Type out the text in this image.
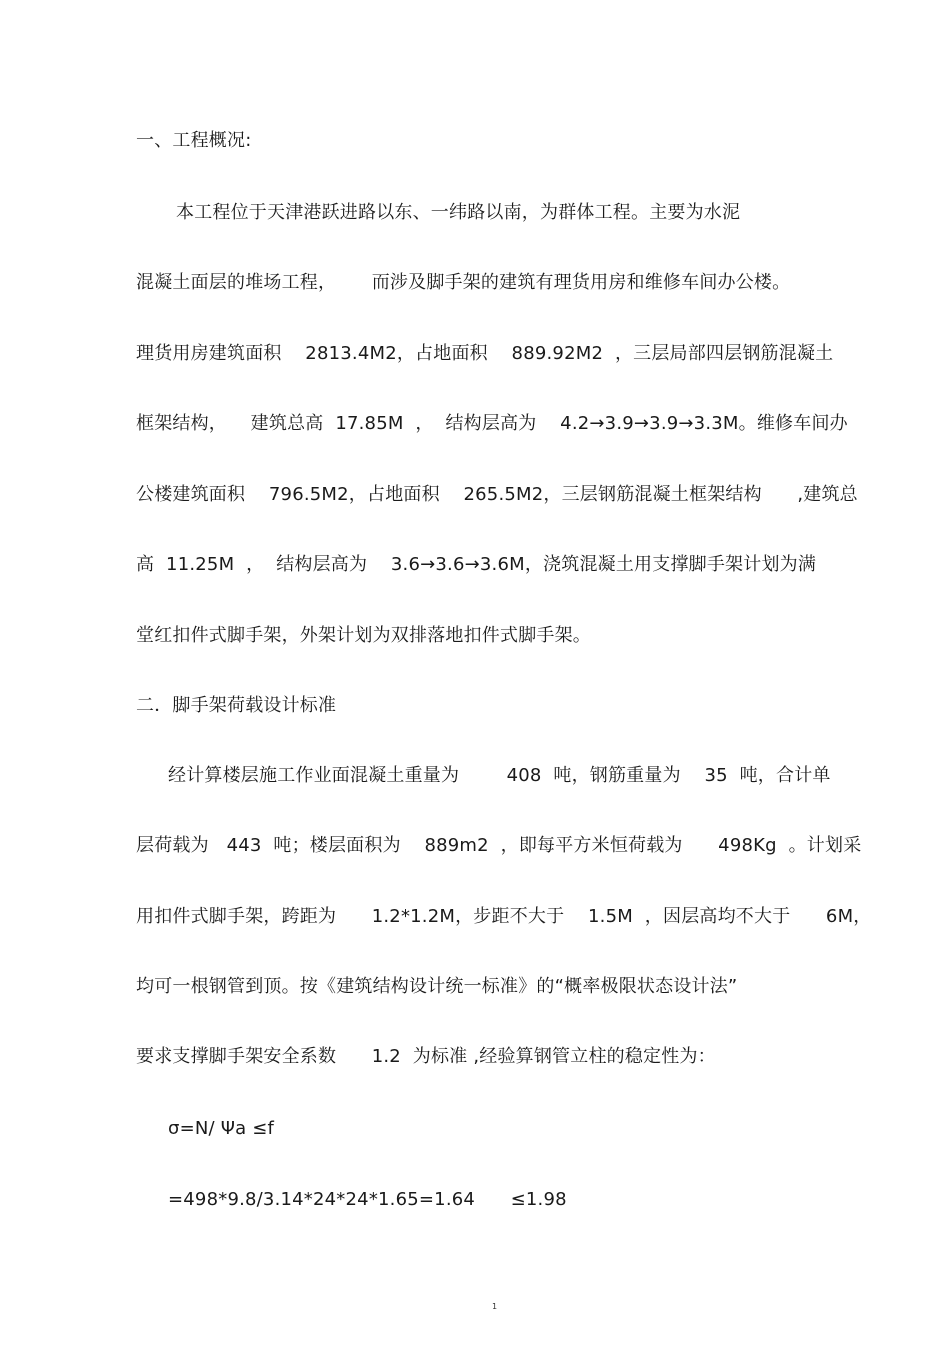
一、工程概况:
本工程位于天津港跃进路以东、一纬路以南，为群体工程。主要为水泥
混凝土面层的堆场工程，      而涉及脚手架的建筑有理货用房和维修车间办公楼。
理货用房建筑面积    2813.4M2，占地面积    889.92M2  ，三层局部四层钢筋混凝土
框架结构，    建筑总高  17.85M  ，  结构层高为    4.2→3.9→3.9→3.3M。维修车间办
公楼建筑面积    796.5M2，占地面积    265.5M2，三层钢筋混凝土框架结构      ,建筑总
高  11.25M  ，  结构层高为    3.6→3.6→3.6M，浇筑混凝土用支撑脚手架计划为满
堂红扣件式脚手架，外架计划为双排落地扣件式脚手架。
二．脚手架荷载设计标准
经计算楼层施工作业面混凝土重量为        408  吨，钢筋重量为    35  吨，合计单
层荷载为   443  吨；楼层面积为    889m2  ，即每平方米恒荷载为      498Kg  。计划采
用扣件式脚手架，跨距为      1.2*1.2M，步距不大于    1.5M  ，因层高均不大于      6M，
均可一根钢管到顶。按《建筑结构设计统一标准》的“概率极限状态设计法”
要求支撑脚手架安全系数      1.2  为标准 ,经验算钢管立柱的稳定性为：
σ=N/ Ψa ≤f
=498*9.8/3.14*24*24*1.65=1.64      ≤1.98
1
